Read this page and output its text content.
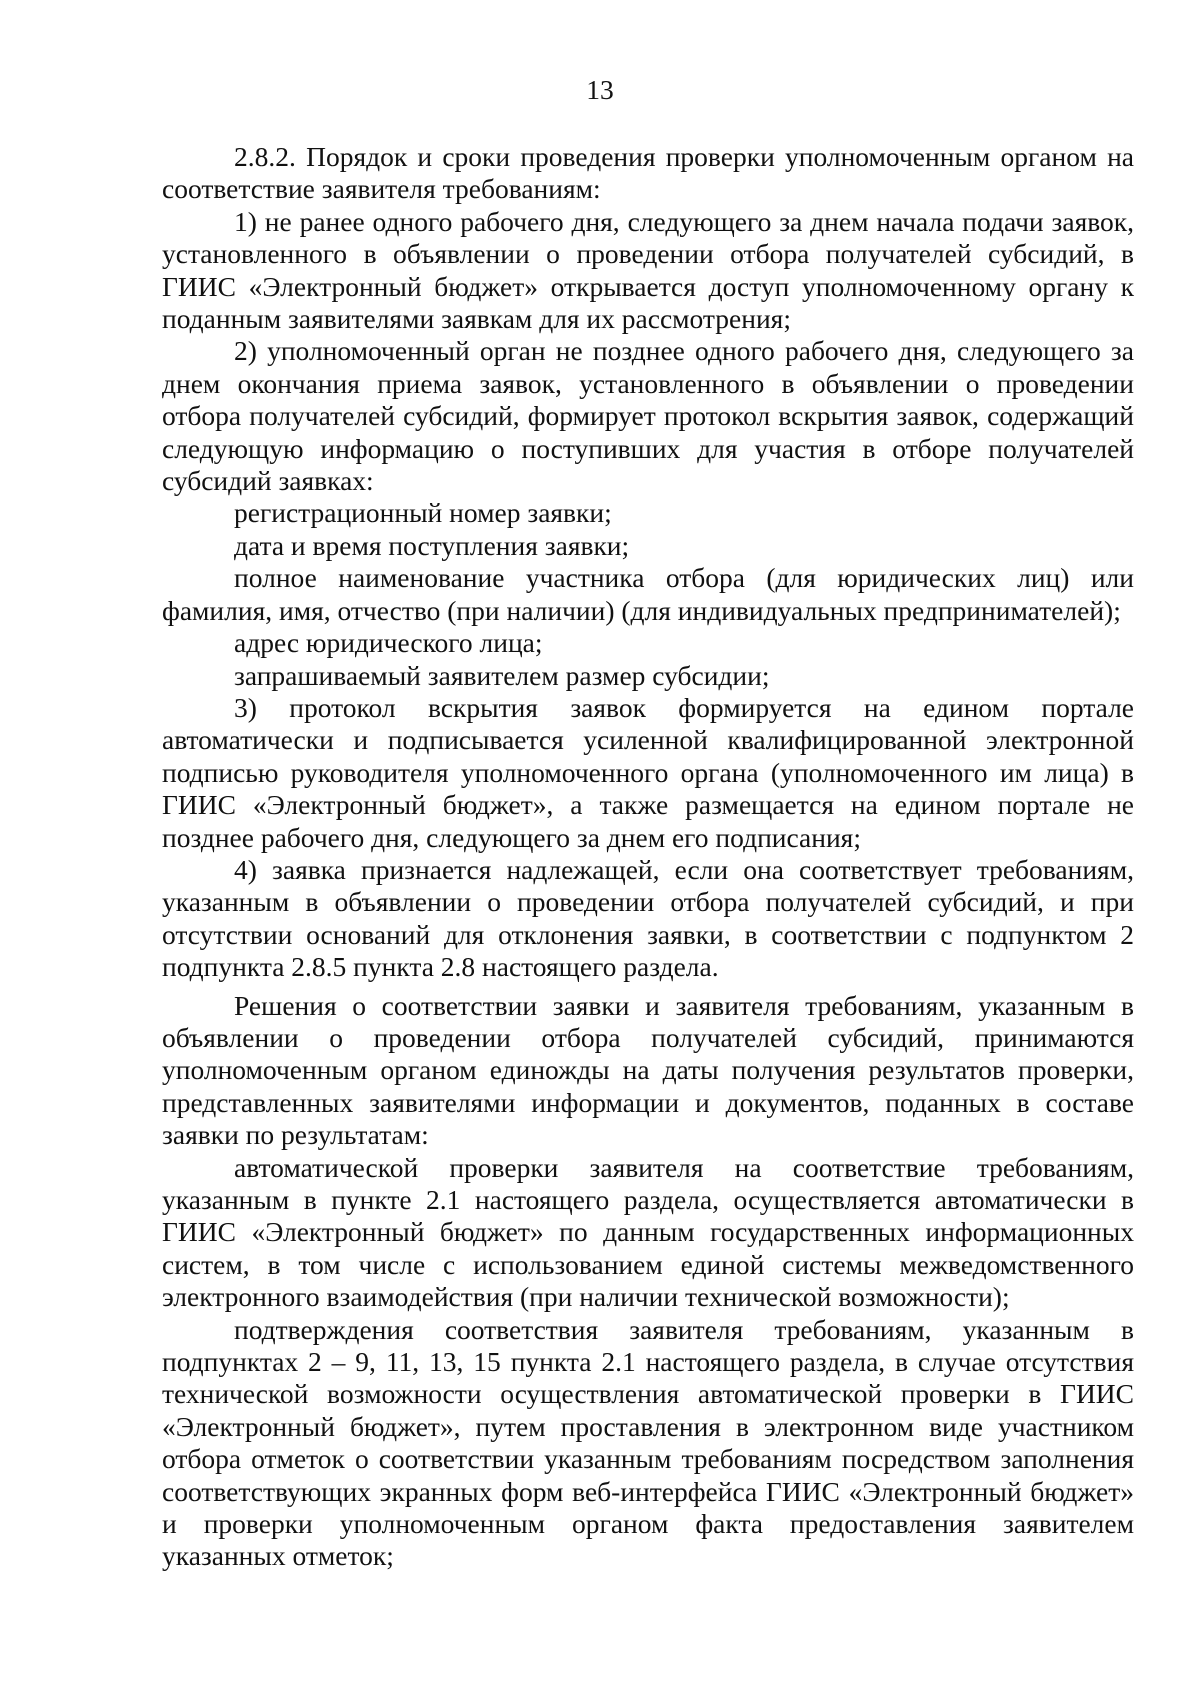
13

2.8.2. Порядок и сроки проведения проверки уполномоченным органом на соответствие заявителя требованиям:

1) не ранее одного рабочего дня, следующего за днем начала подачи заявок, установленного в объявлении о проведении отбора получателей субсидий, в ГИИС «Электронный бюджет» открывается доступ уполномоченному органу к поданным заявителями заявкам для их рассмотрения;

2) уполномоченный орган не позднее одного рабочего дня, следующего за днем окончания приема заявок, установленного в объявлении о проведении отбора получателей субсидий, формирует протокол вскрытия заявок, содержащий следующую информацию о поступивших для участия в отборе получателей субсидий заявках:

регистрационный номер заявки;

дата и время поступления заявки;

полное наименование участника отбора (для юридических лиц) или фамилия, имя, отчество (при наличии) (для индивидуальных предпринимателей);

адрес юридического лица;

запрашиваемый заявителем размер субсидии;

3) протокол вскрытия заявок формируется на едином портале автоматически и подписывается усиленной квалифицированной электронной подписью руководителя уполномоченного органа (уполномоченного им лица) в ГИИС «Электронный бюджет», а также размещается на едином портале не позднее рабочего дня, следующего за днем его подписания;

4) заявка признается надлежащей, если она соответствует требованиям, указанным в объявлении о проведении отбора получателей субсидий, и при отсутствии оснований для отклонения заявки, в соответствии с подпунктом 2 подпункта 2.8.5 пункта 2.8 настоящего раздела.

Решения о соответствии заявки и заявителя требованиям, указанным в объявлении о проведении отбора получателей субсидий, принимаются уполномоченным органом единожды на даты получения результатов проверки, представленных заявителями информации и документов, поданных в составе заявки по результатам:

автоматической проверки заявителя на соответствие требованиям, указанным в пункте 2.1 настоящего раздела, осуществляется автоматически в ГИИС «Электронный бюджет» по данным государственных информационных систем, в том числе с использованием единой системы межведомственного электронного взаимодействия (при наличии технической возможности);

подтверждения соответствия заявителя требованиям, указанным в подпунктах 2 – 9, 11, 13, 15 пункта 2.1 настоящего раздела, в случае отсутствия технической возможности осуществления автоматической проверки в ГИИС «Электронный бюджет», путем проставления в электронном виде участником отбора отметок о соответствии указанным требованиям посредством заполнения соответствующих экранных форм веб-интерфейса ГИИС «Электронный бюджет» и проверки уполномоченным органом факта предоставления заявителем указанных отметок;
